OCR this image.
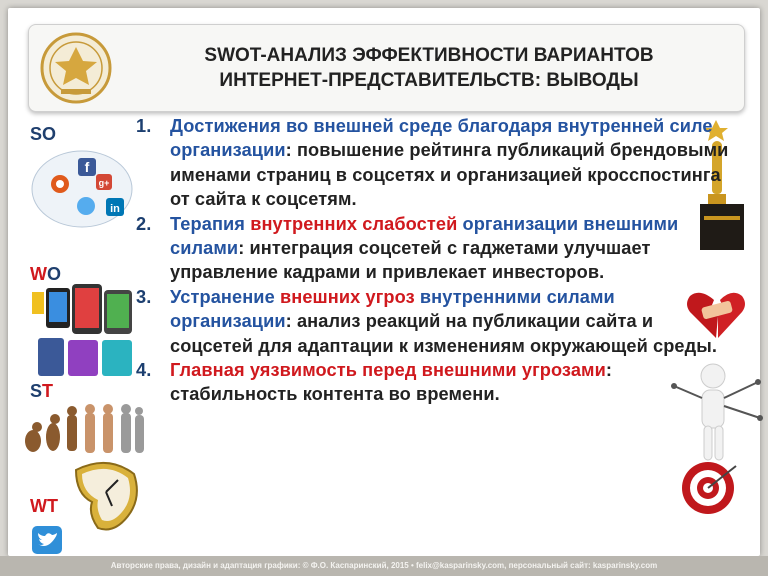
SWOT-АНАЛИЗ ЭФФЕКТИВНОСТИ ВАРИАНТОВ
ИНТЕРНЕТ-ПРЕДСТАВИТЕЛЬСТВ: ВЫВОДЫ
SO
WO
ST
WT
f
g+
in
1. Достижения во внешней среде благодаря внутренней силе организации: повышение рейтинга публикаций брендовыми именами страниц в соцсетях и организацией кросспостинга от сайта к соцсетям.
2. Терапия внутренних слабостей организации внешними силами: интеграция соцсетей с гаджетами улучшает управление кадрами и привлекает инвесторов.
3. Устранение внешних угроз внутренними силами организации: анализ реакций на публикации сайта и соцсетей для адаптации к изменениям окружающей среды.
4. Главная уязвимость перед внешними угрозами: стабильность контента во времени.
Авторские права, дизайн и адаптация графики: © Ф.О. Каспаринский, 2015 • felix@kasparinsky.com, персональный сайт: kasparinsky.com
